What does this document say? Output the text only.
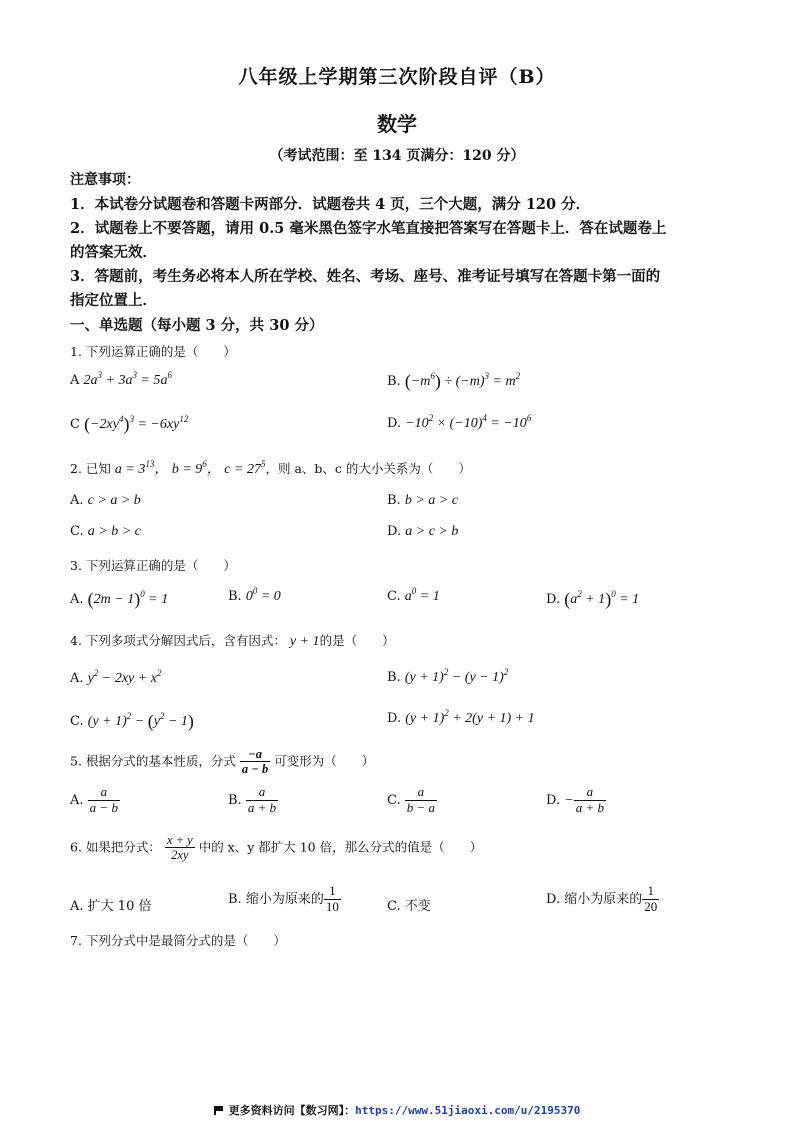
八年级上学期第三次阶段自评（B）
数学
（考试范围：至 134 页满分：120 分）
注意事项：
1．本试卷分试题卷和答题卡两部分．试题卷共 4 页，三个大题，满分 120 分．
2．试题卷上不要答题，请用 0.5 毫米黑色签字水笔直接把答案写在答题卡上．答在试题卷上
的答案无效．
3．答题前，考生务必将本人所在学校、姓名、考场、座号、准考证号填写在答题卡第一面的
指定位置上．
一、单选题（每小题 3 分，共 30 分）
1. 下列运算正确的是（　　）
A $2a^3 + 3a^3 = 5a^6$	B. $(-m^6) \div (-m)^3 = m^2$
C $(-2xy^4)^3 = -6xy^{12}$	D. $-10^2 \times (-10)^4 = -10^6$
2. 已知 $a = 3^{13}$， $b = 9^6$， $c = 27^5$，则 a、b、c 的大小关系为（　　）
A. c > a > b	B. b > a > c
C. a > b > c	D. a > c > b
3. 下列运算正确的是（　　）
A. $(2m - 1)^0 = 1$	B. $0^0 = 0$	C. $a^0 = 1$	D. $(a^2 + 1)^0 = 1$
4. 下列多项式分解因式后，含有因式： y + 1的是（　　）
A. $y^2 - 2xy + x^2$	B. $(y + 1)^2 - (y - 1)^2$
C. $(y + 1)^2 - (y^2 - 1)$	D. $(y + 1)^2 + 2(y + 1) + 1$
5. 根据分式的基本性质，分式 $\frac{-a}{a - b}$ 可变形为（　　）
A. $\frac{a}{a - b}$	B. $\frac{a}{a + b}$	C. $\frac{a}{b - a}$	D. − $\frac{a}{a + b}$
6. 如果把分式： $\frac{x + y}{2xy}$ 中的 x、y 都扩大 10 倍，那么分式的值是（　　）
A. 扩大 10 倍	B. 缩小为原来的 $\frac{1}{10}$	C. 不变	D. 缩小为原来的 $\frac{1}{20}$
7. 下列分式中是最简分式的是（　　）
更多资料访问【数习网】：https://www.51jiaoxi.com/u/2195370
